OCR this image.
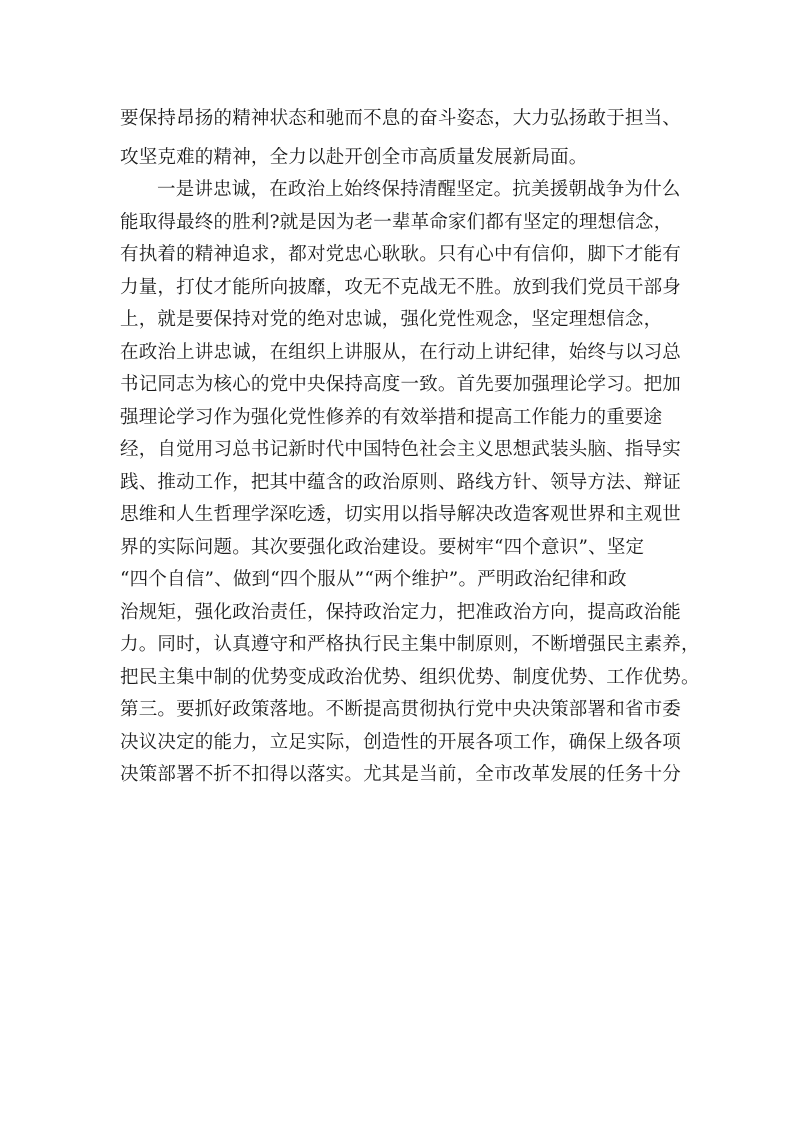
要保持昂扬的精神状态和驰而不息的奋斗姿态，大力弘扬敢于担当、
攻坚克难的精神，全力以赴开创全市高质量发展新局面。
一是讲忠诚，在政治上始终保持清醒坚定。抗美援朝战争为什么
能取得最终的胜利?就是因为老一辈革命家们都有坚定的理想信念，
有执着的精神追求，都对党忠心耿耿。只有心中有信仰，脚下才能有
力量，打仗才能所向披靡，攻无不克战无不胜。放到我们党员干部身
上，就是要保持对党的绝对忠诚，强化党性观念，坚定理想信念，
在政治上讲忠诚，在组织上讲服从，在行动上讲纪律，始终与以习总
书记同志为核心的党中央保持高度一致。首先要加强理论学习。把加
强理论学习作为强化党性修养的有效举措和提高工作能力的重要途
经，自觉用习总书记新时代中国特色社会主义思想武装头脑、指导实
践、推动工作，把其中蕴含的政治原则、路线方针、领导方法、辩证
思维和人生哲理学深吃透，切实用以指导解决改造客观世界和主观世
界的实际问题。其次要强化政治建设。要树牢“四个意识”、坚定
“四个自信”、做到“四个服从”“两个维护”。严明政治纪律和政
治规矩，强化政治责任，保持政治定力，把准政治方向，提高政治能
力。同时，认真遵守和严格执行民主集中制原则，不断增强民主素养，
把民主集中制的优势变成政治优势、组织优势、制度优势、工作优势。
第三。要抓好政策落地。不断提高贯彻执行党中央决策部署和省市委
决议决定的能力，立足实际，创造性的开展各项工作，确保上级各项
决策部署不折不扣得以落实。尤其是当前，全市改革发展的任务十分
